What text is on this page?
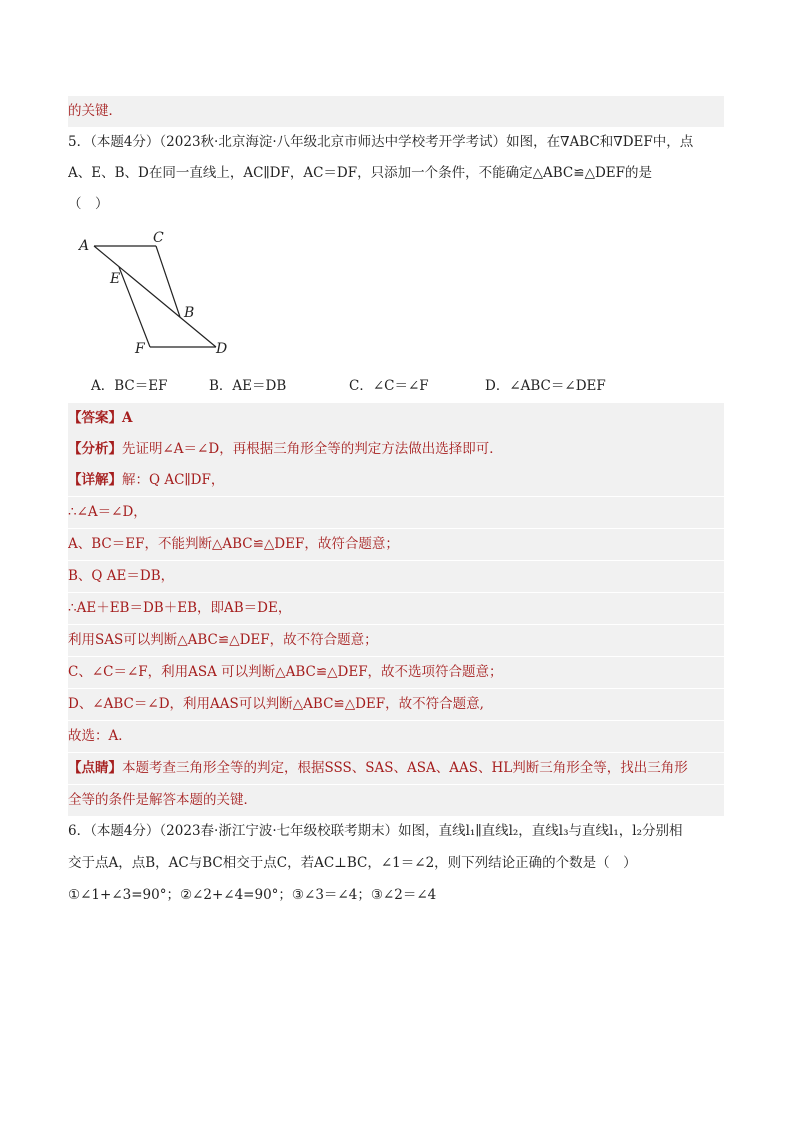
的关键．
5．（本题4分）（2023秋·北京海淀·八年级北京市师达中学校考开学考试）如图，在∇ABC和∇DEF中，点
A、E、B、D在同一直线上，AC∥DF，AC＝DF，只添加一个条件，不能确定△ABC≌△DEF的是
（　）
A	C
E
B
F	D
A．BC＝EF	B．AE＝DB	C．∠C＝∠F	D．∠ABC＝∠DEF
【答案】A
【分析】先证明∠A＝∠D，再根据三角形全等的判定方法做出选择即可．
【详解】解：Q AC∥DF，
∴∠A＝∠D，
A、BC＝EF，不能判断△ABC≌△DEF，故符合题意；
B、Q AE＝DB，
∴AE＋EB＝DB＋EB，即AB＝DE，
利用SAS可以判断△ABC≌△DEF，故不符合题意；
C、∠C＝∠F，利用ASA 可以判断△ABC≌△DEF，故不选项符合题意；
D、∠ABC＝∠D，利用AAS可以判断△ABC≌△DEF，故不符合题意,
故选：A．
【点睛】本题考查三角形全等的判定，根据SSS、SAS、ASA、AAS、HL判断三角形全等，找出三角形
全等的条件是解答本题的关键．
6．（本题4分）（2023春·浙江宁波·七年级校联考期末）如图，直线l₁∥直线l₂，直线l₃与直线l₁，l₂分别相
交于点A，点B，AC与BC相交于点C，若AC⊥BC，∠1＝∠2，则下列结论正确的个数是（　）
①∠1+∠3=90°；②∠2+∠4=90°；③∠3＝∠4；③∠2＝∠4
